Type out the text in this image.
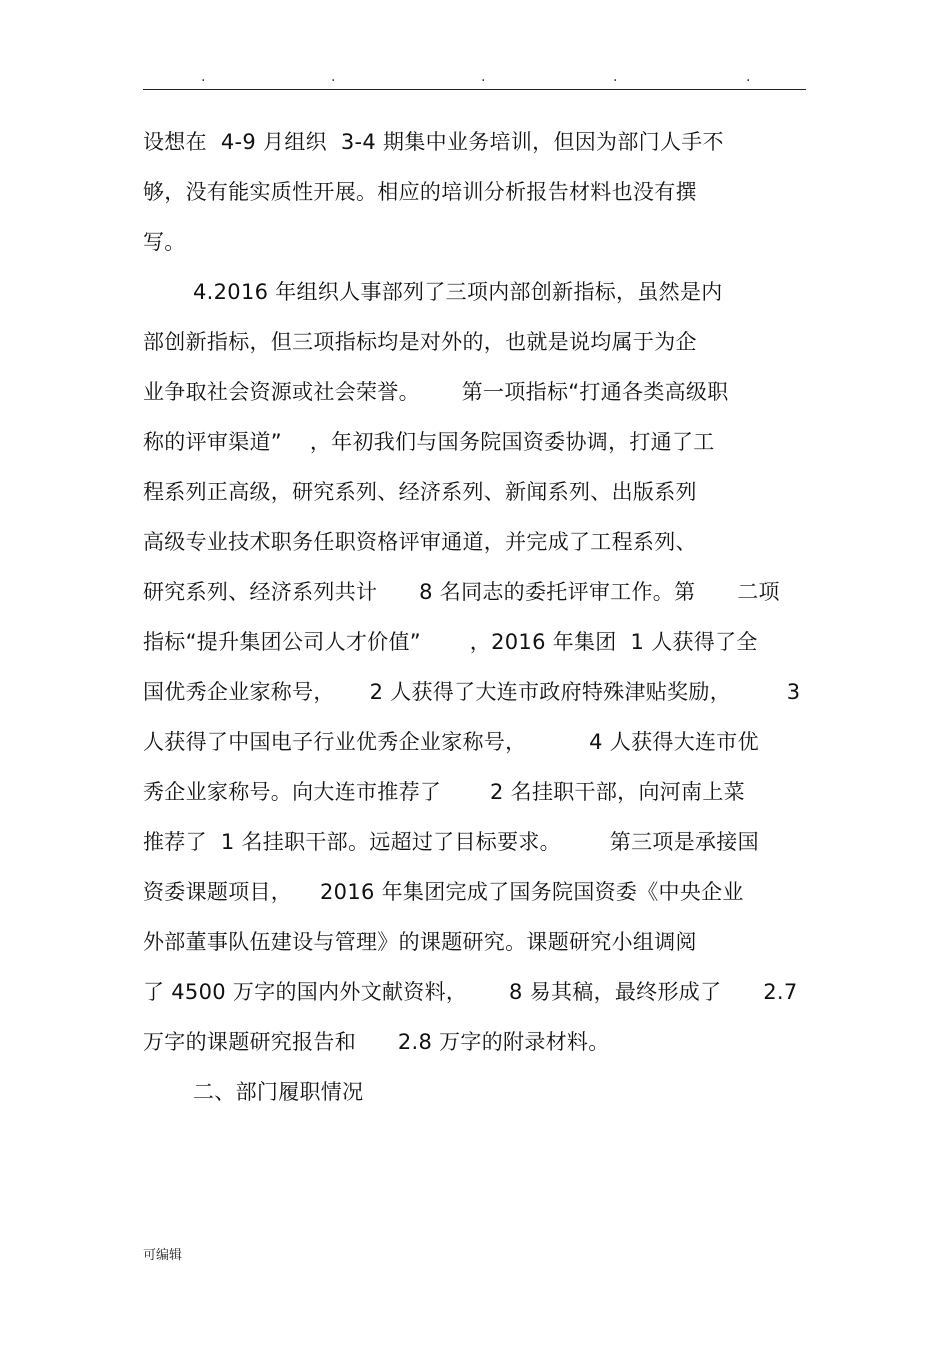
.	.	.	.	.
设想在  4-9 月组织  3-4 期集中业务培训，但因为部门人手不
够，没有能实质性开展。相应的培训分析报告材料也没有撰
写。
4.2016 年组织人事部列了三项内部创新指标，虽然是内
部创新指标，但三项指标均是对外的，也就是说均属于为企
业争取社会资源或社会荣誉。      第一项指标“打通各类高级职
称的评审渠道”    ，年初我们与国务院国资委协调，打通了工
程系列正高级，研究系列、经济系列、新闻系列、出版系列
高级专业技术职务任职资格评审通道，并完成了工程系列、
研究系列、经济系列共计      8 名同志的委托评审工作。第      二项
指标“提升集团公司人才价值”       ，2016 年集团  1 人获得了全
国优秀企业家称号，     2 人获得了大连市政府特殊津贴奖励，        3
人获得了中国电子行业优秀企业家称号，         4 人获得大连市优
秀企业家称号。向大连市推荐了       2 名挂职干部，向河南上菜
推荐了  1 名挂职干部。远超过了目标要求。       第三项是承接国
资委课题项目，    2016 年集团完成了国务院国资委《中央企业
外部董事队伍建设与管理》的课题研究。课题研究小组调阅
了 4500 万字的国内外文献资料，      8 易其稿，最终形成了      2.7
万字的课题研究报告和      2.8 万字的附录材料。
二、部门履职情况
可编辑
